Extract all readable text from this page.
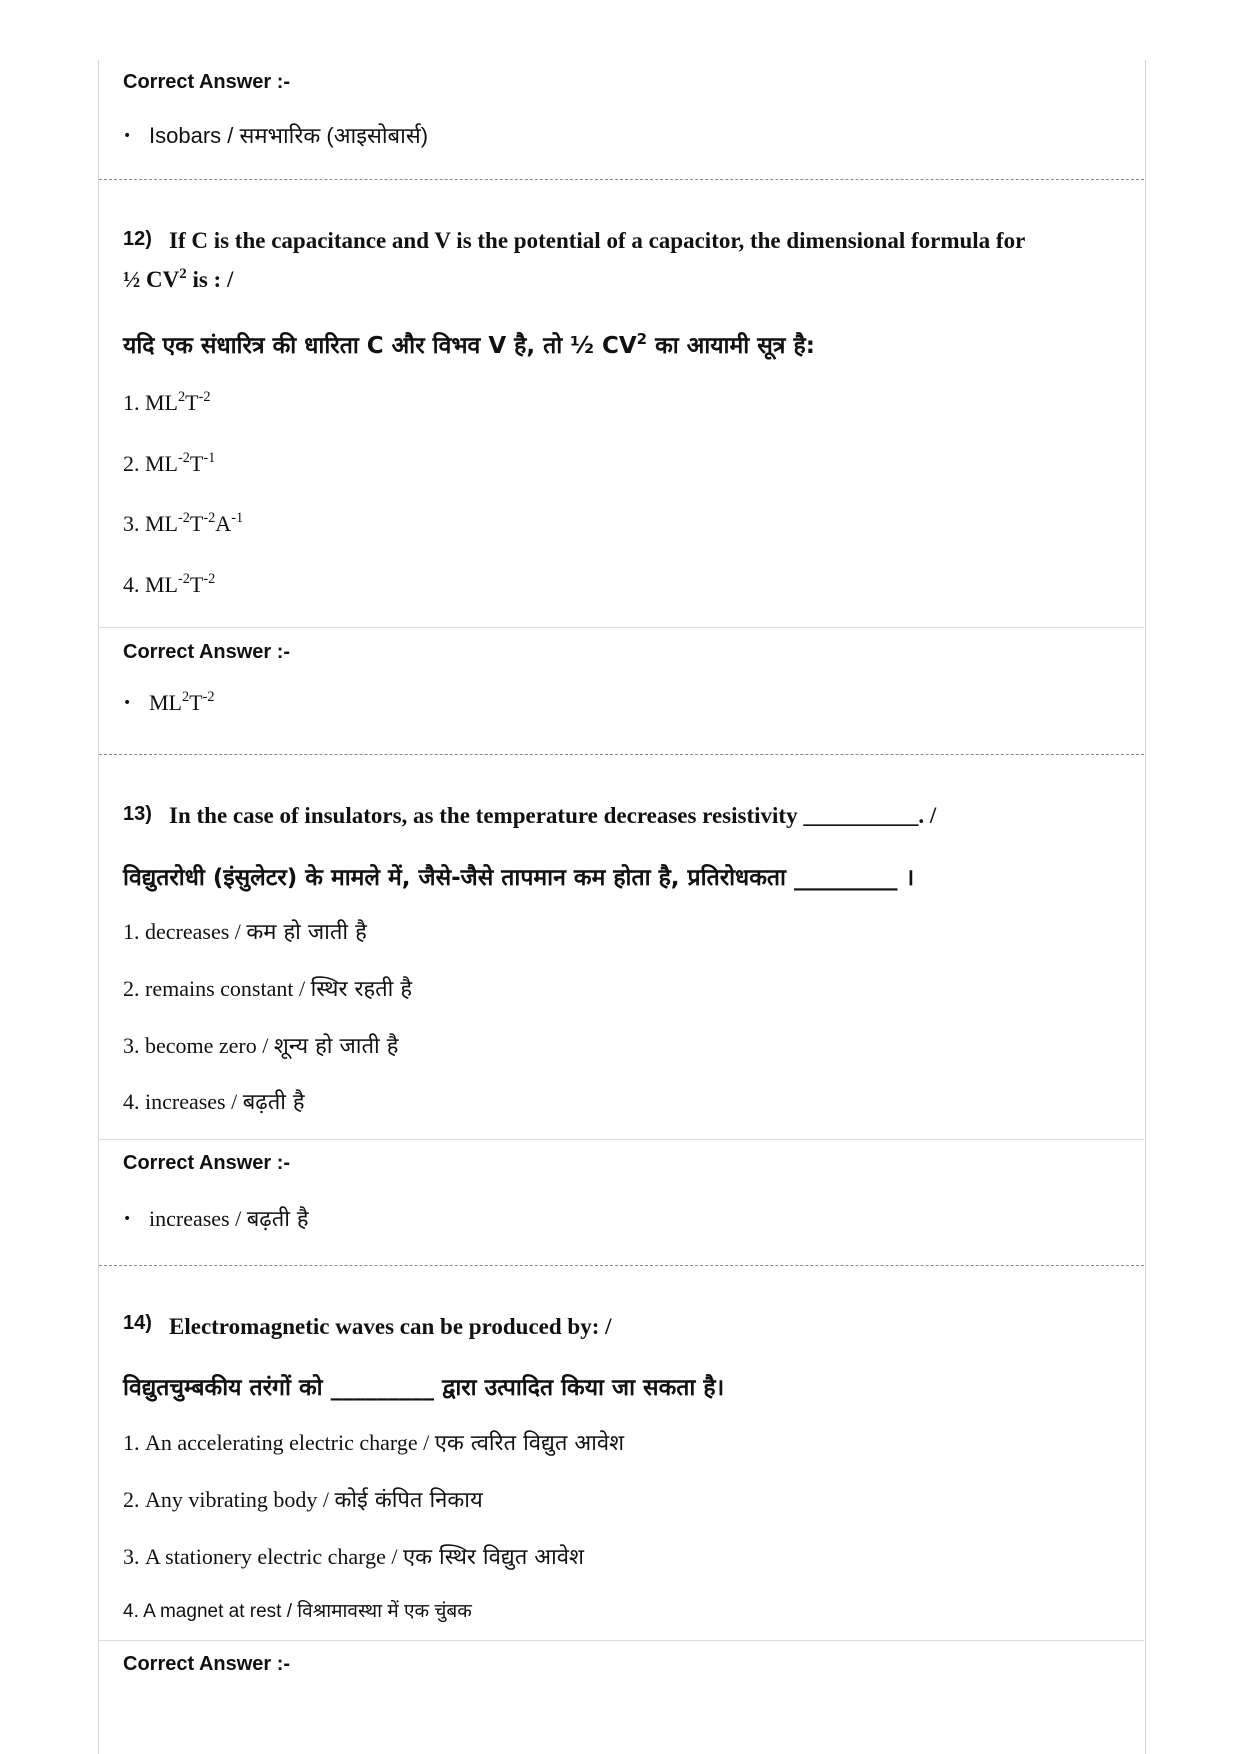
Correct Answer :-
• Isobars / समभारिक (आइसोबार्स)
12) If C is the capacitance and V is the potential of a capacitor, the dimensional formula for
½ $CV^2$ is : /
यदि एक संधारित्र की धारिता C और विभव V है, तो ½ $CV^2$ का आयामी सूत्र है:
1. $ML^2T^{-2}$
2. $ML^{-2}T^{-1}$
3. $ML^{-2}T^{-2}A^{-1}$
4. $ML^{-2}T^{-2}$
Correct Answer :-
• $ML^2T^{-2}$
13) In the case of insulators, as the temperature decreases resistivity __________. /
विद्युतरोधी (इंसुलेटर) के मामले में, जैसे-जैसे तापमान कम होता है, प्रतिरोधकता _________ ।
1. decreases / कम हो जाती है
2. remains constant / स्थिर रहती है
3. become zero / शून्य हो जाती है
4. increases / बढ़ती है
Correct Answer :-
• increases / बढ़ती है
14) Electromagnetic waves can be produced by: /
विद्युतचुम्बकीय तरंगों को _________ द्वारा उत्पादित किया जा सकता है।
1. An accelerating electric charge / एक त्वरित विद्युत आवेश
2. Any vibrating body / कोई कंपित निकाय
3. A stationery electric charge / एक स्थिर विद्युत आवेश
4. A magnet at rest / विश्रामावस्था में एक चुंबक
Correct Answer :-
